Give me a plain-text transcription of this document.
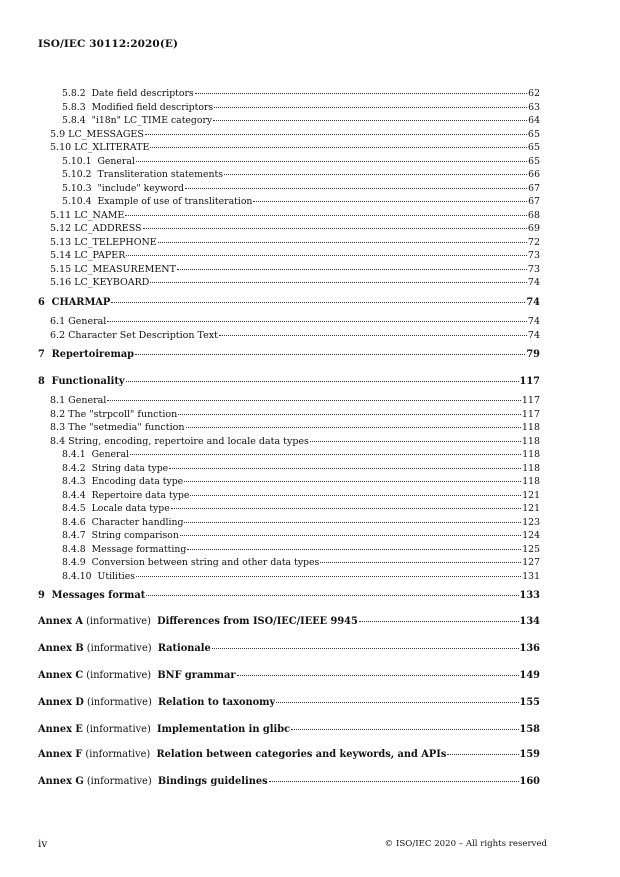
ISO/IEC 30112:2020(E)
5.8.2 Date field descriptors	62
5.8.3 Modified field descriptors	63
5.8.4 "i18n" LC_TIME category	64
5.9 LC_MESSAGES	65
5.10 LC_XLITERATE	65
5.10.1 General	65
5.10.2 Transliteration statements	66
5.10.3 "include" keyword	67
5.10.4 Example of use of transliteration	67
5.11 LC_NAME	68
5.12 LC_ADDRESS	69
5.13 LC_TELEPHONE	72
5.14 LC_PAPER	73
5.15 LC_MEASUREMENT	73
5.16 LC_KEYBOARD	74
6 CHARMAP	74
6.1 General	74
6.2 Character Set Description Text	74
7 Repertoiremap	79
8 Functionality	117
8.1 General	117
8.2 The "strpcoll" function	117
8.3 The "setmedia" function	118
8.4 String, encoding, repertoire and locale data types	118
8.4.1 General	118
8.4.2 String data type	118
8.4.3 Encoding data type	118
8.4.4 Repertoire data type	121
8.4.5 Locale data type	121
8.4.6 Character handling	123
8.4.7 String comparison	124
8.4.8 Message formatting	125
8.4.9 Conversion between string and other data types	127
8.4.10 Utilities	131
9 Messages format	133
Annex A (informative) Differences from ISO/IEC/IEEE 9945	134
Annex B (informative) Rationale	136
Annex C (informative) BNF grammar	149
Annex D (informative) Relation to taxonomy	155
Annex E (informative) Implementation in glibc	158
Annex F (informative) Relation between categories and keywords, and APIs	159
Annex G (informative) Bindings guidelines	160
iv	© ISO/IEC 2020 – All rights reserved
